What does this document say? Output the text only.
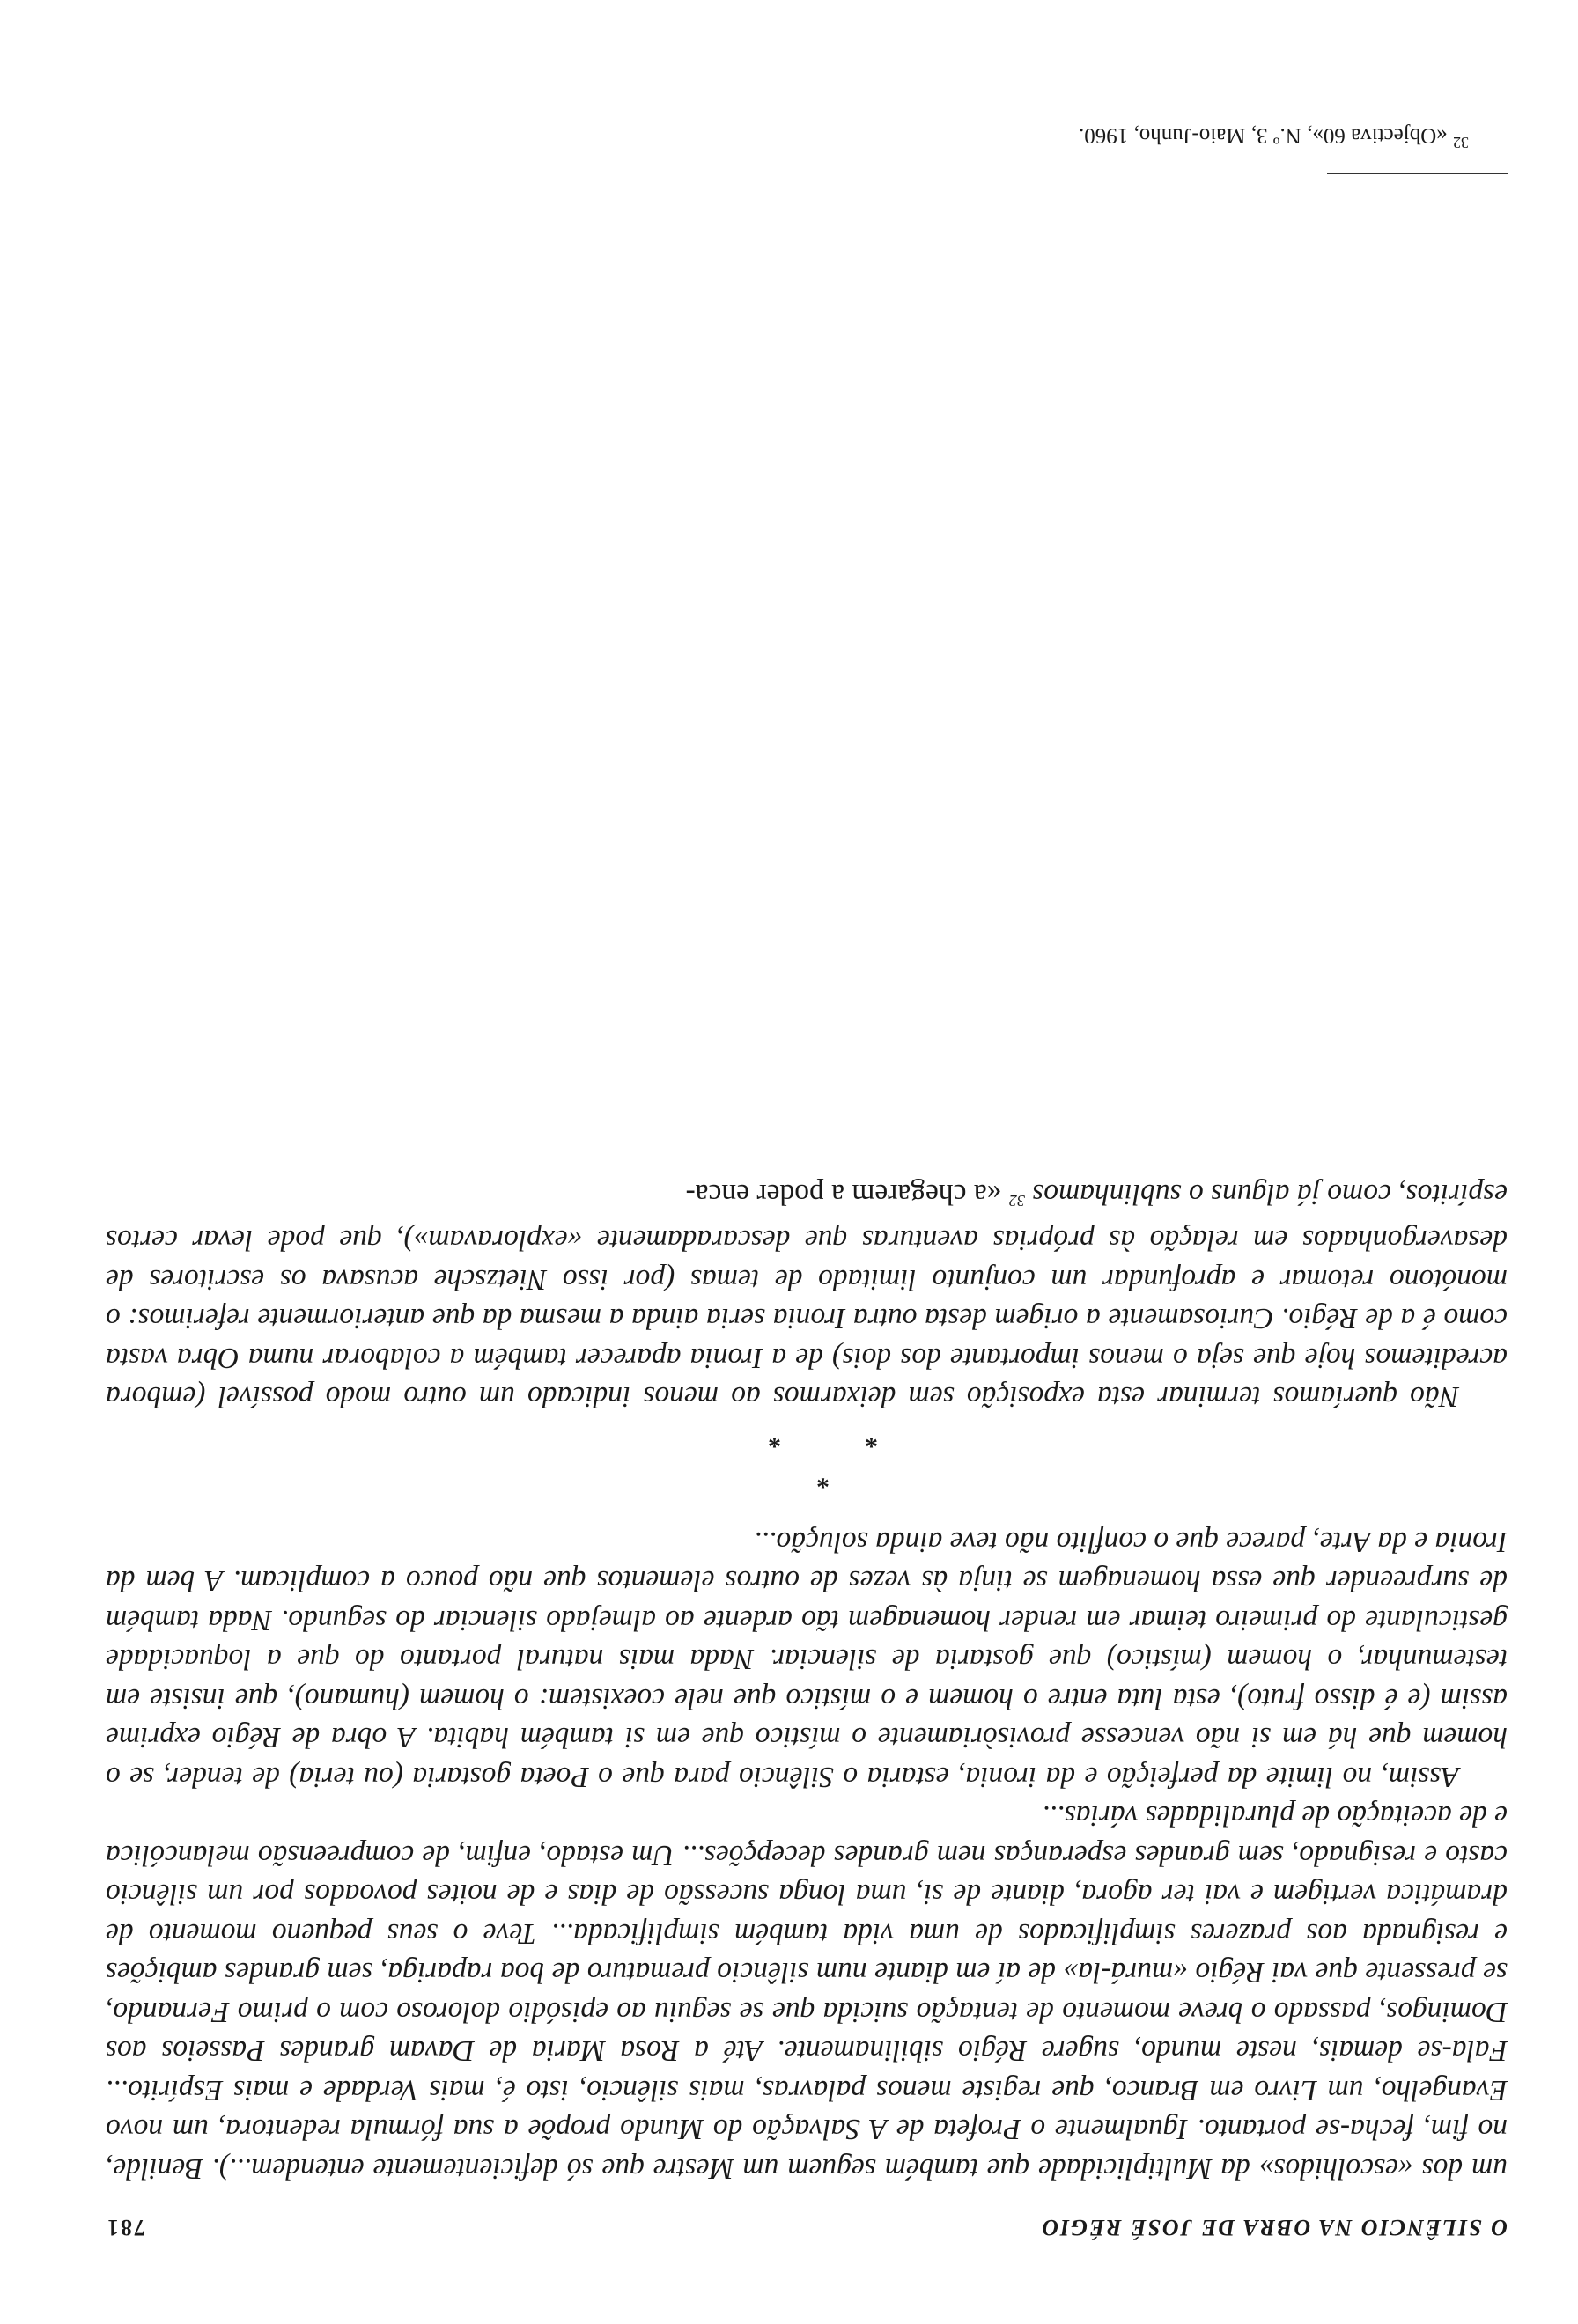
O SILÊNCIO NA OBRA DE JOSÉ RÉGIO
781

um dos «escolhidos» da Multiplicidade que também seguem um Mestre que só deficientemente entendem...). Benilde, no fim, fecha-se portanto. Igualmente o Profeta de A Salvação do Mundo propõe a sua fórmula redentora, um novo Evangelho, um Livro em Branco, que registe menos palavras, mais silêncio, isto é, mais Verdade e mais Espírito... Fala-se demais, neste mundo, sugere Régio sibilinamente. Até a Rosa Maria de Davam grandes Passeios aos Domingos, passado o breve momento de tentação suicida que se seguiu ao episódio doloroso com o primo Fernando, se pressente que vai Régio «murá-la» de aí em diante num silêncio prematuro de boa rapariga, sem grandes ambições e resignada aos prazeres simplificados de uma vida também simplificada... Teve o seus pequeno momento de dramática vertigem e vai ter agora, diante de si, uma longa sucessão de dias e de noites povoados por um silêncio casto e resignado, sem grandes esperanças nem grandes decepções... Um estado, enfim, de compreensão melancólica e de aceitação de pluralidades várias...

Assim, no limite da perfeição e da ironia, estaria o Silêncio para que o Poeta gostaria (ou teria) de tender, se o homem que há em si não vencesse provisòriamente o místico que em si também habita. A obra de Régio exprime assim (e é disso fruto), esta luta entre o homem e o místico que nele coexistem: o homem (humano), que insiste em testemunhar, o homem (místico) que gostaria de silenciar. Nada mais natural portanto do que a loquacidade gesticulante do primeiro teimar em render homenagem tão ardente ao almejado silenciar do segundo. Nada também de surpreender que essa homenagem se tinja às vezes de outros elementos que não pouco a complicam. A bem da Ironia e da Arte, parece que o conflito não teve ainda solução...

*
*
*

Não queríamos terminar esta exposição sem deixarmos ao menos indicado um outro modo possível (embora acreditemos hoje que seja o menos importante dos dois) de a Ironia aparecer também a colaborar numa Obra vasta como é a de Régio. Curiosamente a origem desta outra Ironia seria ainda a mesma da que anteriormente referimos: o monótono retomar e aprofundar um conjunto limitado de temas (por isso Nietzsche acusava os escritores de desavergonhados em relação às próprias aventuras que descaradamente «exploravam»), que pode levar certos espíritos, como já alguns o sublinhamos $^{32}$ «a chegarem a poder enca-

$^{32}$ «Objectiva 60», N.º 3, Maio-Junho, 1960.
